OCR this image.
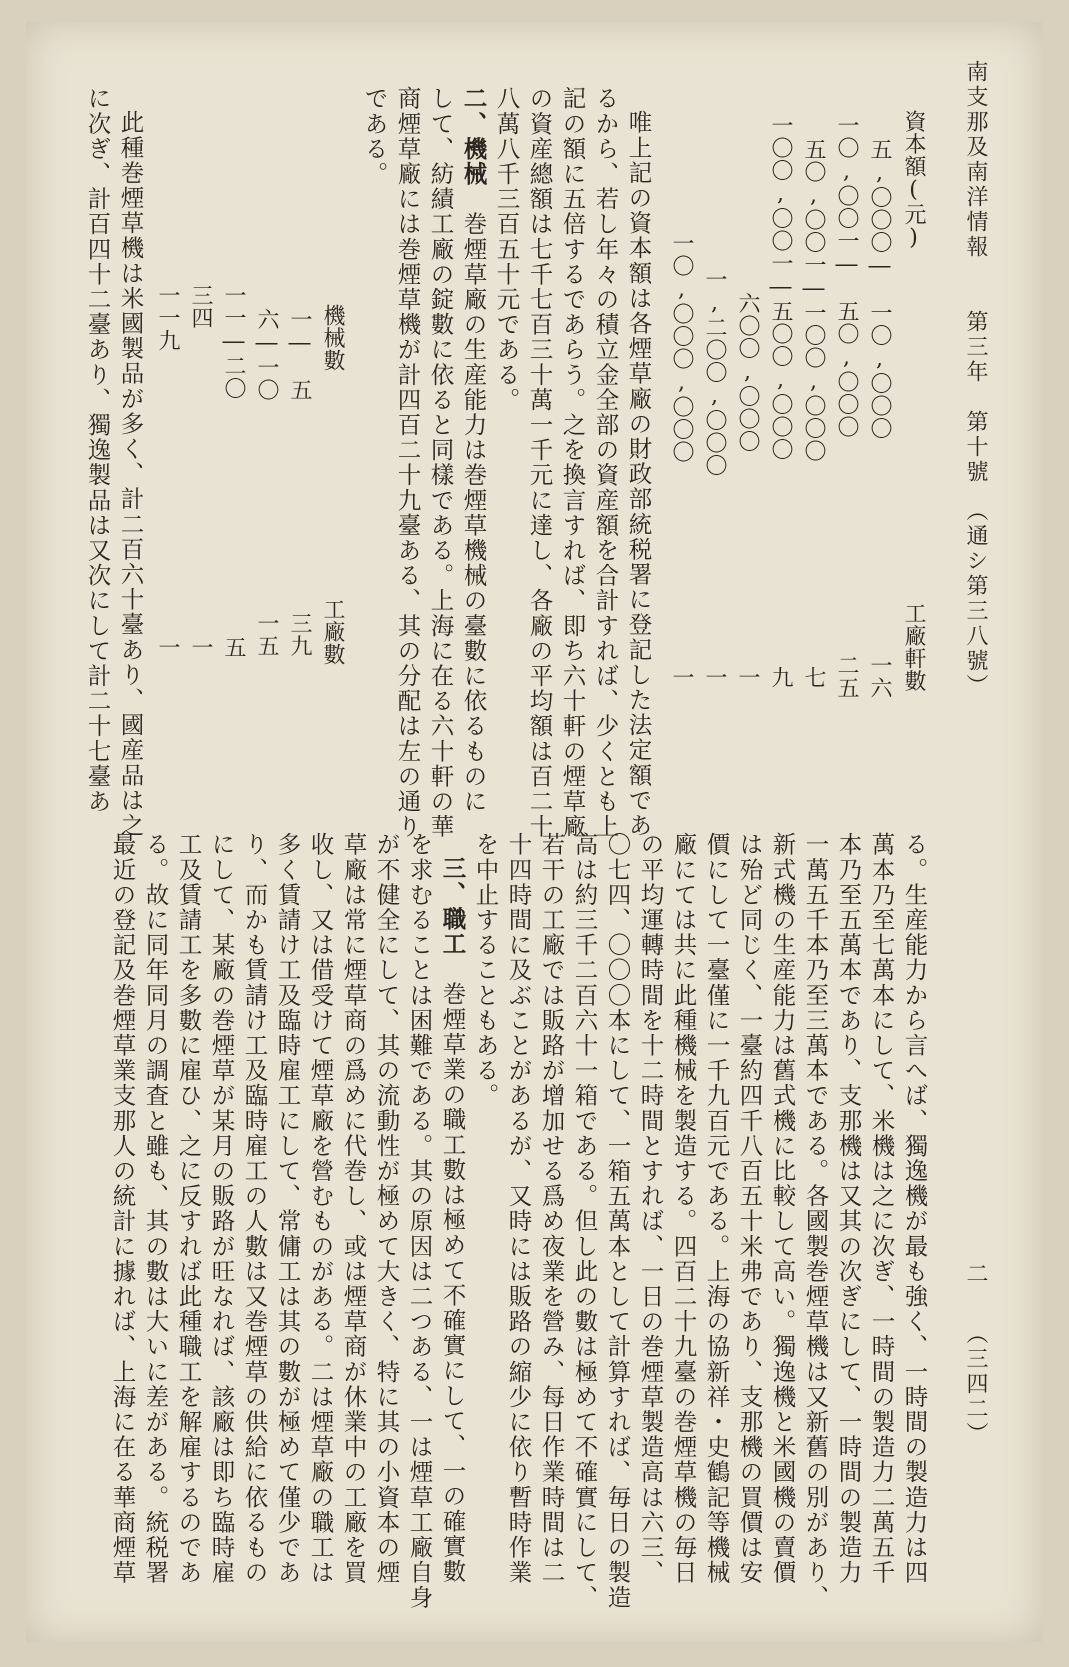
南支那及南洋情報　　第三年　第十號　（通シ第三八號）
二
（三四二）
資本額(元)
工廠軒數
五,〇〇〇―　一〇,〇〇〇
一六
一〇,〇〇一―　五〇,〇〇〇
二五
五〇,〇〇一―一〇〇,〇〇〇
七
一〇〇,〇〇一―五〇〇,〇〇〇
九
六〇〇,〇〇〇
一
一,二〇〇,〇〇〇
一
一〇,〇〇〇,〇〇〇
一
唯上記の資本額は各煙草廠の財政部統税署に登記した法定額であ
るから、若し年々の積立金全部の資産額を合計すれば、少くとも上
記の額に五倍するであらう。之を換言すれば、即ち六十軒の煙草廠
の資産總額は七千七百三十萬一千元に達し、各廠の平均額は百二十
八萬八千三百五十元である。
二、機械　巻煙草廠の生産能力は巻煙草機械の臺數に依るものに
して、紡績工廠の錠數に依ると同樣である。上海に在る六十軒の華
商煙草廠には巻煙草機が計四百二十九臺ある、其の分配は左の通り
である。
機械數
工廠數
一―　五
三九
六―一〇
一五
一一―二〇
五
三四
一
一一九
一
此種巻煙草機は米國製品が多く、計二百六十臺あり、國産品は之
に次ぎ、計百四十二臺あり、獨逸製品は又次にして計二十七臺あ
る。生産能力から言へば、獨逸機が最も強く、一時間の製造力は四
萬本乃至七萬本にして、米機は之に次ぎ、一時間の製造力二萬五千
本乃至五萬本であり、支那機は又其の次ぎにして、一時間の製造力
一萬五千本乃至三萬本である。各國製巻煙草機は又新舊の別があり、
新式機の生産能力は舊式機に比較して高い。獨逸機と米國機の賣價
は殆ど同じく、一臺約四千八百五十米弗であり、支那機の買價は安
價にして一臺僅に一千九百元である。上海の協新祥・史鶴記等機械
廠にては共に此種機械を製造する。四百二十九臺の巻煙草機の毎日
の平均運轉時間を十二時間とすれば、一日の巻煙草製造高は六三、
〇七四、〇〇〇本にして、一箱五萬本として計算すれば、毎日の製造
高は約三千二百六十一箱である。但し此の數は極めて不確實にして、
若干の工廠では販路が增加せる爲め夜業を營み、每日作業時間は二
十四時間に及ぶことがあるが、又時には販路の縮少に依り暫時作業
を中止することもある。
三、職工　巻煙草業の職工數は極めて不確實にして、一の確實數
を求むることは困難である。其の原因は二つある、一は煙草工廠自身
が不健全にして、其の流動性が極めて大きく、特に其の小資本の煙
草廠は常に煙草商の爲めに代巻し、或は煙草商が休業中の工廠を買
收し、又は借受けて煙草廠を營むものがある。二は煙草廠の職工は
多く賃請け工及臨時雇工にして、常傭工は其の數が極めて僅少であ
り、而かも賃請け工及臨時雇工の人數は又巻煙草の供給に依るもの
にして、某廠の巻煙草が某月の販路が旺なれば、該廠は即ち臨時雇
工及賃請工を多數に雇ひ、之に反すれば此種職工を解雇するのであ
る。故に同年同月の調査と雖も、其の數は大いに差がある。統税署
最近の登記及巻煙草業支那人の統計に據れば、上海に在る華商煙草
